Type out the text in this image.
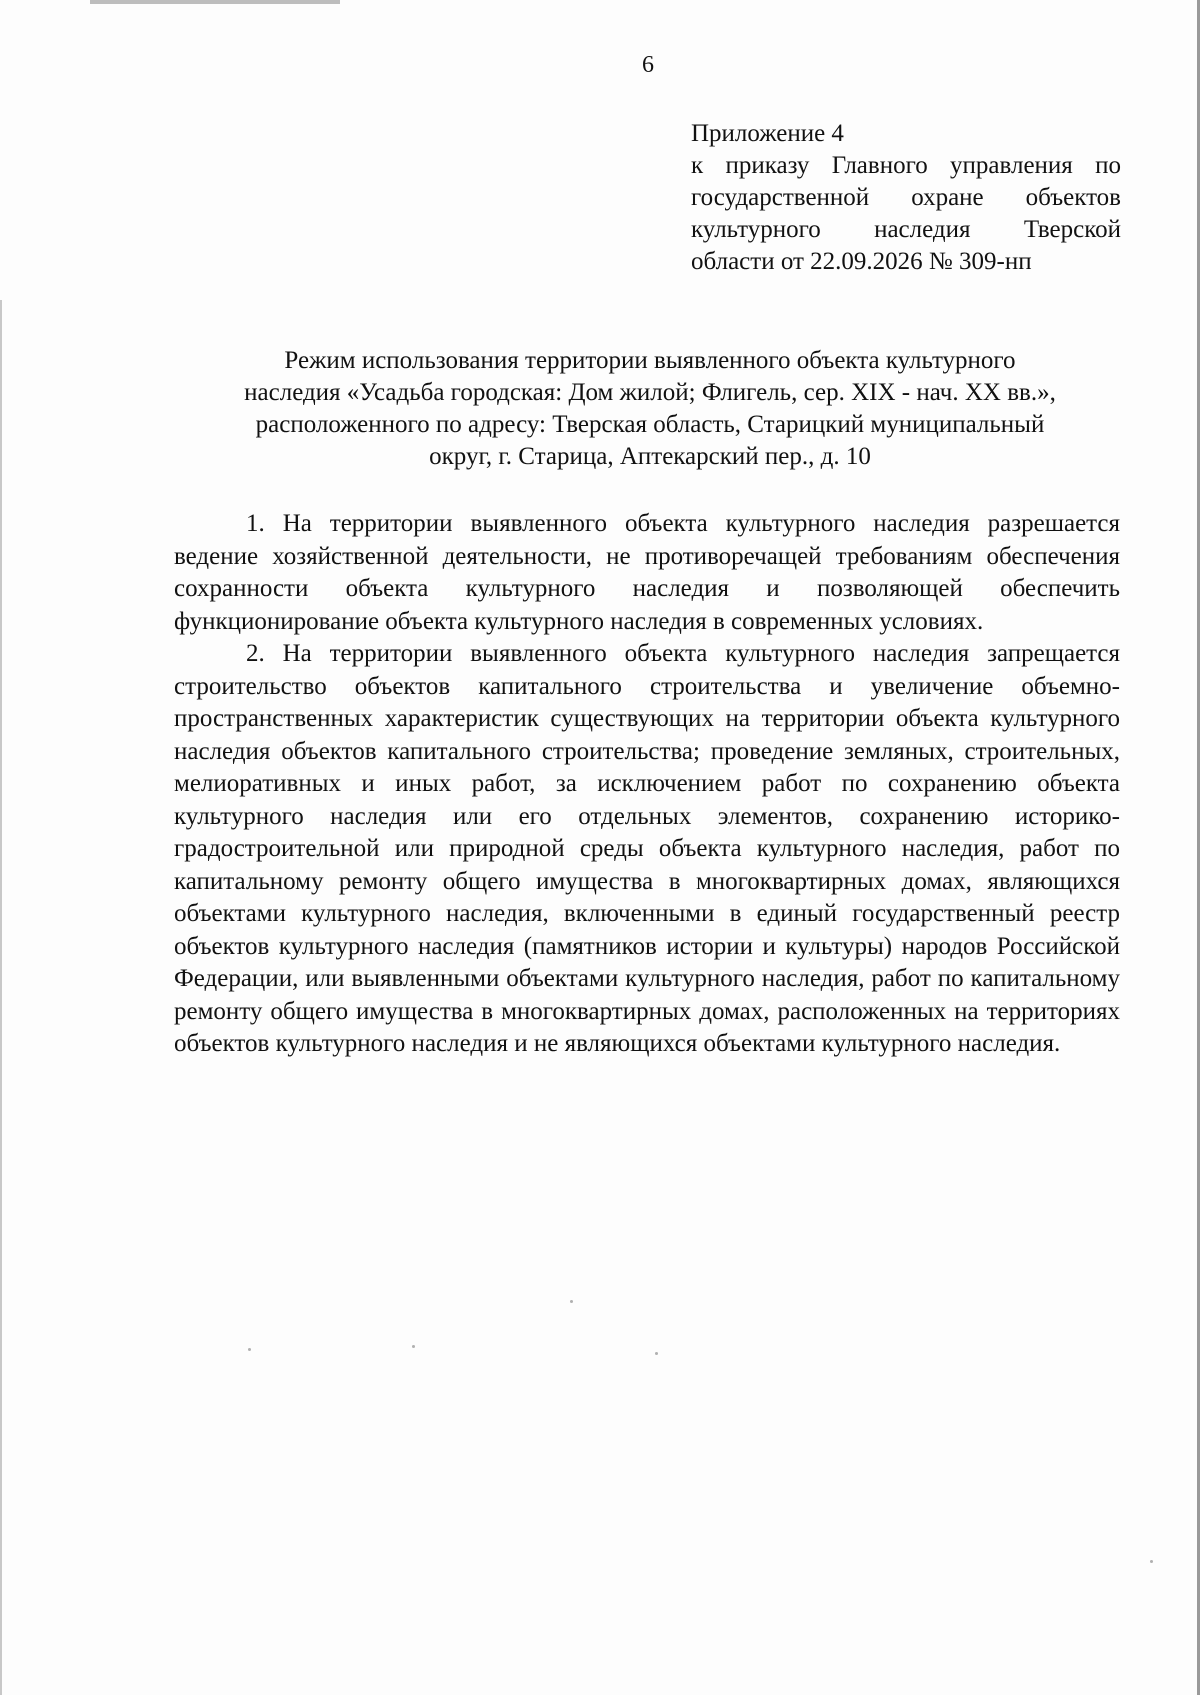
6
Приложение 4
к приказу Главного управления по
государственной охране объектов
культурного наследия Тверской
области от 22.09.2026 № 309-нп
Режим использования территории выявленного объекта культурного
наследия «Усадьба городская: Дом жилой; Флигель, сер. XIX - нач. XX вв.»,
расположенного по адресу: Тверская область, Старицкий муниципальный
округ, г. Старица, Аптекарский пер., д. 10

1. На территории выявленного объекта культурного наследия разрешается ведение хозяйственной деятельности, не противоречащей требованиям обеспечения сохранности объекта культурного наследия и позволяющей обеспечить функционирование объекта культурного наследия в современных условиях.

2. На территории выявленного объекта культурного наследия запрещается строительство объектов капитального строительства и увеличение объемно-пространственных характеристик существующих на территории объекта культурного наследия объектов капитального строительства; проведение земляных, строительных, мелиоративных и иных работ, за исключением работ по сохранению объекта культурного наследия или его отдельных элементов, сохранению историко-градостроительной или природной среды объекта культурного наследия, работ по капитальному ремонту общего имущества в многоквартирных домах, являющихся объектами культурного наследия, включенными в единый государственный реестр объектов культурного наследия (памятников истории и культуры) народов Российской Федерации, или выявленными объектами культурного наследия, работ по капитальному ремонту общего имущества в многоквартирных домах, расположенных на территориях объектов культурного наследия и не являющихся объектами культурного наследия.
